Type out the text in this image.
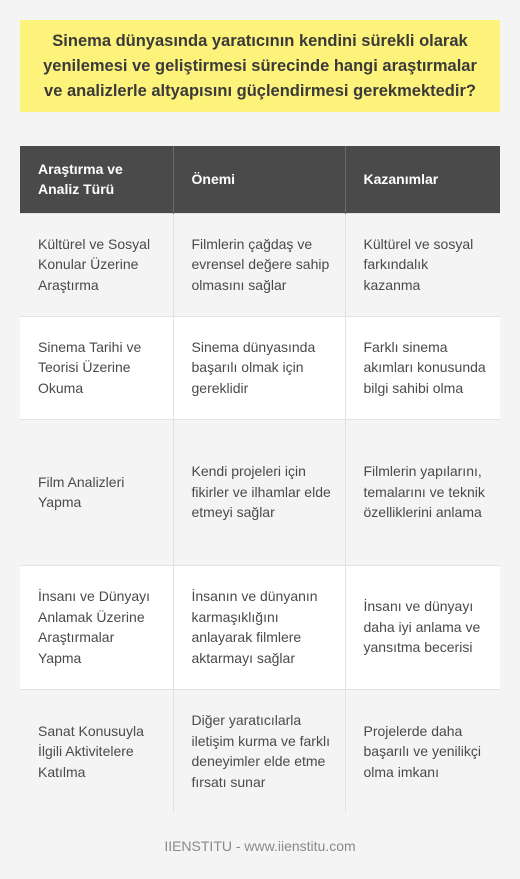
Sinema dünyasında yaratıcının kendini sürekli olarak yenilemesi ve geliştirmesi sürecinde hangi araştırmalar ve analizlerle altyapısını güçlendirmesi gerekmektedir?
Araştırma ve Analiz Türü	Önemi	Kazanımlar
Kültürel ve Sosyal Konular Üzerine Araştırma	Filmlerin çağdaş ve evrensel değere sahip olmasını sağlar	Kültürel ve sosyal farkındalık kazanma
Sinema Tarihi ve Teorisi Üzerine Okuma	Sinema dünyasında başarılı olmak için gereklidir	Farklı sinema akımları konusunda bilgi sahibi olma
Film Analizleri Yapma	Kendi projeleri için fikirler ve ilhamlar elde etmeyi sağlar	Filmlerin yapılarını, temalarını ve teknik özelliklerini anlama
İnsanı ve Dünyayı Anlamak Üzerine Araştırmalar Yapma	İnsanın ve dünyanın karmaşıklığını anlayarak filmlere aktarmayı sağlar	İnsanı ve dünyayı daha iyi anlama ve yansıtma becerisi
Sanat Konusuyla İlgili Aktivitelere Katılma	Diğer yaratıcılarla iletişim kurma ve farklı deneyimler elde etme fırsatı sunar	Projelerde daha başarılı ve yenilikçi olma imkanı
IIENSTITU - www.iienstitu.com
